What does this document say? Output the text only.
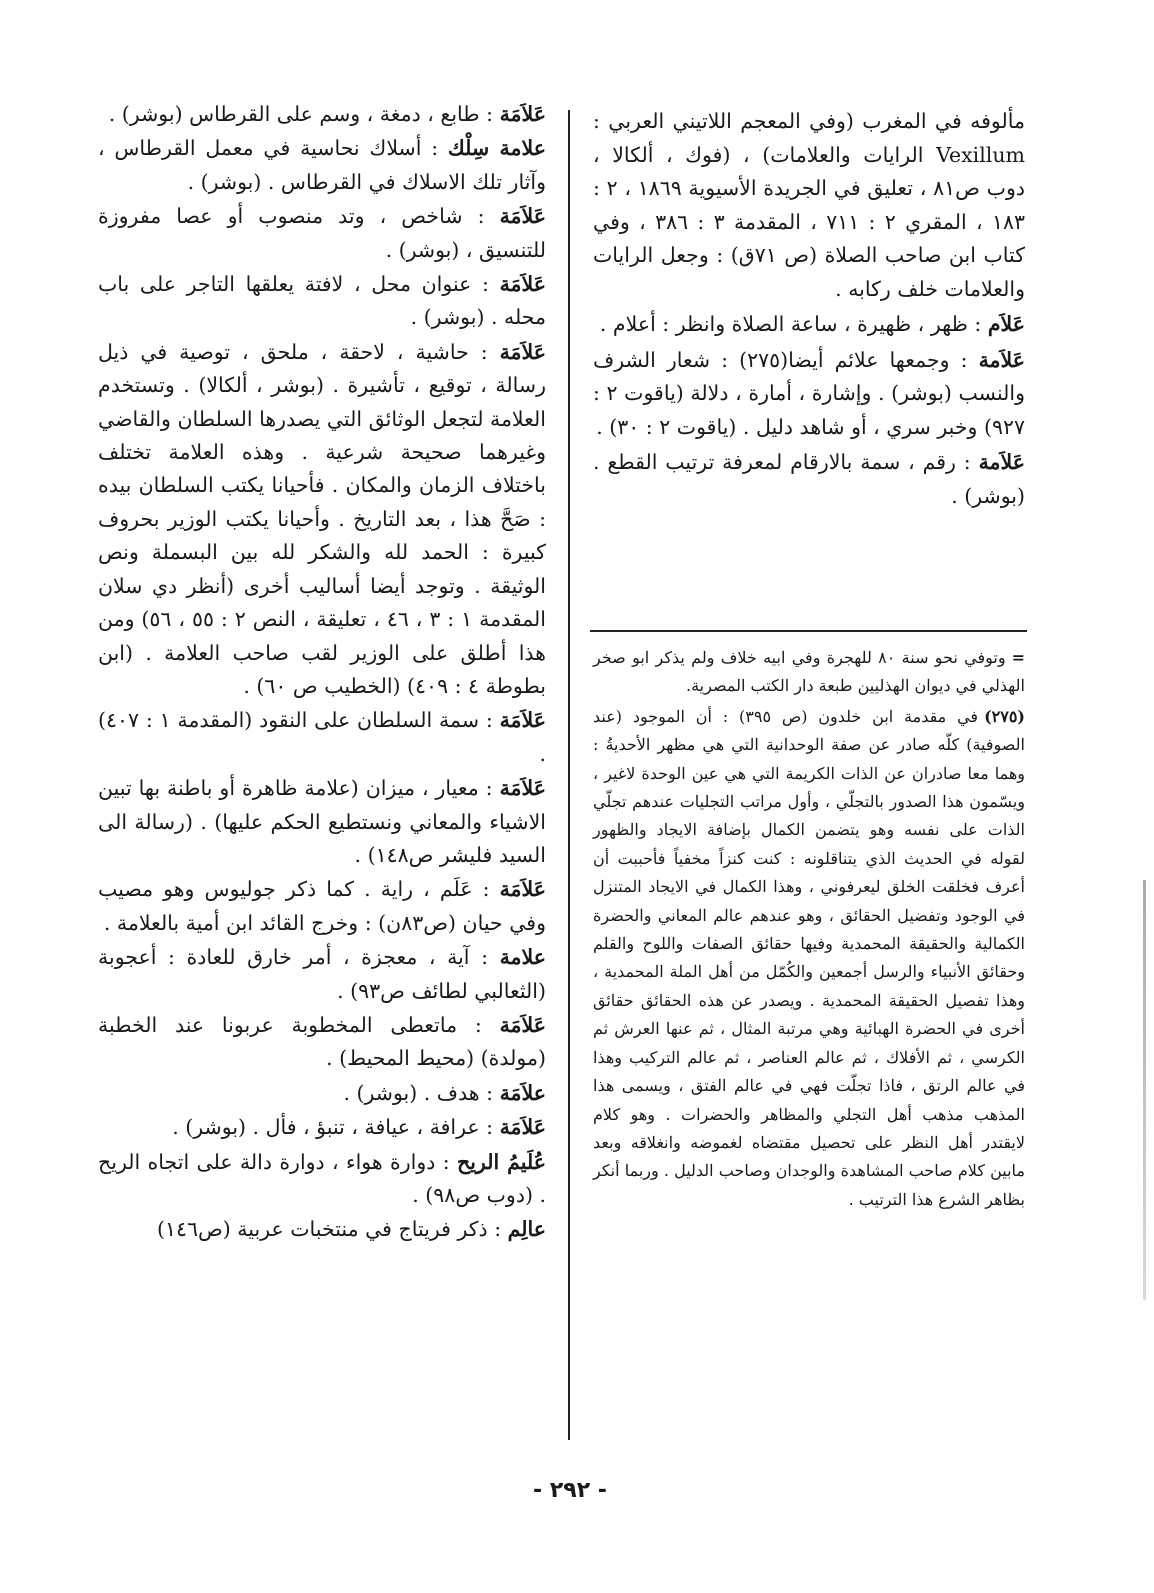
مألوفه في المغرب (وفي المعجم اللاتيني العربي : Vexillum الرايات والعلامات) ، (فوك ، ألكالا ، دوب ص٨١ ، تعليق في الجريدة الأسيوية ١٨٦٩ ، ٢ : ١٨٣ ، المقري ٢ : ٧١١ ، المقدمة ٣ : ٣٨٦ ، وفي كتاب ابن صاحب الصلاة (ص ٧١ق) : وجعل الرايات والعلامات خلف ركابه .

عَلاَم : ظهر ، ظهيرة ، ساعة الصلاة وانظر : أعلام .

عَلاَمة : وجمعها علائم أيضا(٢٧٥) : شعار الشرف والنسب (بوشر) . وإشارة ، أمارة ، دلالة (ياقوت ٢ : ٩٢٧) وخبر سري ، أو شاهد دليل . (ياقوت ٢ : ٣٠) .

عَلاَمة : رقم ، سمة بالارقام لمعرفة ترتيب القطع . (بوشر) .

=وتوفي نحو سنة ٨٠ للهجرة وفي ابيه خلاف ولم يذكر ابو صخر الهذلي في ديوان الهذليين طبعة دار الكتب المصرية.

(٢٧٥)في مقدمة ابن خلدون (ص ٣٩٥) : أن الموجود (عند الصوفية) كلّه صادر عن صفة الوحدانية التي هي مظهر الأحديةُ : وهما معا صادران عن الذات الكريمة التي هي عين الوحدة لاغير ، ويسّمون هذا الصدور بالتجلّي ، وأول مراتب التجليات عندهم تجلّي الذات على نفسه وهو يتضمن الكمال بإضافة الايجاد والظهور لقوله في الحديث الذي يتناقلونه : كنت كنزاً مخفياً فأحببت أن أعرف فخلقت الخلق ليعرفوني ، وهذا الكمال في الايجاد المتنزل في الوجود وتفضيل الحقائق ، وهو عندهم عالم المعاني والحضرة الكمالية والحقيقة المحمدية وفيها حقائق الصفات واللوح والقلم وحقائق الأنبياء والرسل أجمعين والكُمّل من أهل الملة المحمدية ، وهذا تفصيل الحقيقة المحمدية . ويصدر عن هذه الحقائق حقائق أخرى في الحضرة الهبائية وهي مرتبة المثال ، ثم عنها العرش ثم الكرسي ، ثم الأفلاك ، ثم عالم العناصر ، ثم عالم التركيب وهذا في عالم الرتق ، فاذا تجلّت فهي في عالم الفتق ، ويسمى هذا المذهب مذهب أهل التجلي والمظاهر والحضرات . وهو كلام لايقتدر أهل النظر على تحصيل مقتضاه لغموضه وانغلاقه وبعد مابين كلام صاحب المشاهدة والوجدان وصاحب الدليل . وربما أنكر بظاهر الشرع هذا الترتيب .

عَلاَمَة : طابع ، دمغة ، وسم على القرطاس (بوشر) .

علامة سِلْك : أسلاك نحاسية في معمل القرطاس ، وآثار تلك الاسلاك في القرطاس . (بوشر) .

عَلاَمَة : شاخص ، وتد منصوب أو عصا مفروزة للتنسيق ، (بوشر) .

عَلاَمَة : عنوان محل ، لافتة يعلقها التاجر على باب محله . (بوشر) .

عَلاَمَة : حاشية ، لاحقة ، ملحق ، توصية في ذيل رسالة ، توقيع ، تأشيرة . (بوشر ، ألكالا) . وتستخدم العلامة لتجعل الوثائق التي يصدرها السلطان والقاضي وغيرهما صحيحة شرعية . وهذه العلامة تختلف باختلاف الزمان والمكان . فأحيانا يكتب السلطان بيده : صَحَّ هذا ، بعد التاريخ . وأحيانا يكتب الوزير بحروف كبيرة : الحمد لله والشكر لله بين البسملة ونص الوثيقة . وتوجد أيضا أساليب أخرى (أنظر دي سلان المقدمة ١ : ٣ ، ٤٦ ، تعليقة ، النص ٢ : ٥٥ ، ٥٦) ومن هذا أطلق على الوزير لقب صاحب العلامة . (ابن بطوطة ٤ : ٤٠٩) (الخطيب ص ٦٠) .

عَلاَمَة : سمة السلطان على النقود (المقدمة ١ : ٤٠٧) .

عَلاَمَة : معيار ، ميزان (علامة ظاهرة أو باطنة بها تبين الاشياء والمعاني ونستطيع الحكم عليها) . (رسالة الى السيد فليشر ص١٤٨) .

عَلاَمَة : عَلَم ، راية . كما ذكر جوليوس وهو مصيب وفي حيان (ص٨٣ن) : وخرج القائد ابن أمية بالعلامة .

علامة : آية ، معجزة ، أمر خارق للعادة : أعجوبة (الثعالبي لطائف ص٩٣) .

عَلاَمَة : ماتعطى المخطوبة عربونا عند الخطبة (مولدة) (محيط المحيط) .

علاَمَة : هدف . (بوشر) .

عَلاَمَة : عرافة ، عيافة ، تنبؤ ، فأل . (بوشر) .

عُلَيمُ الريح : دوارة هواء ، دوارة دالة على اتجاه الريح . (دوب ص٩٨) .

عالِم : ذكر فريتاج في منتخبات عربية (ص١٤٦)

- ٢٩٢ -
